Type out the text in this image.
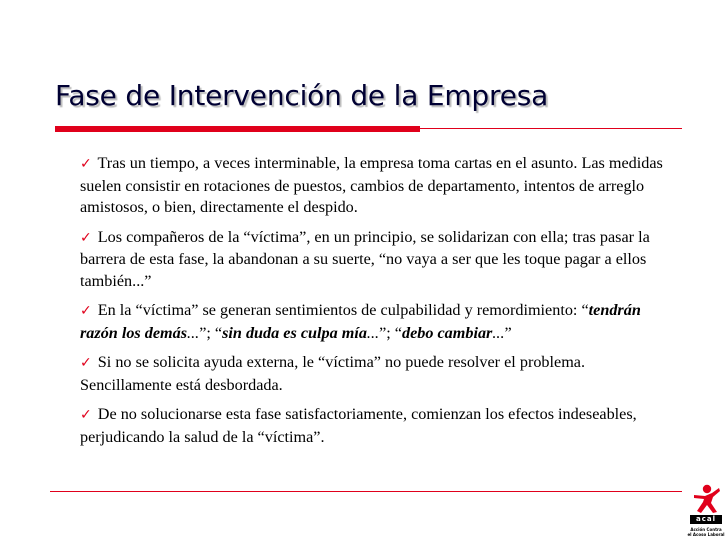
Fase de Intervención de la Empresa
✓ Tras un tiempo, a veces interminable, la empresa toma cartas en el asunto. Las medidas suelen consistir en rotaciones de puestos, cambios de departamento, intentos de arreglo amistosos, o bien, directamente el despido.
✓ Los compañeros de la “víctima”, en un principio, se solidarizan con ella; tras pasar la barrera de esta fase, la abandonan a su suerte, “no vaya a ser que les toque pagar a ellos también...”
✓ En la “víctima” se generan sentimientos de culpabilidad y remordimiento: “tendrán razón los demás...”; “sin duda es culpa mía...”; “debo cambiar...”
✓ Si no se solicita ayuda externa, le “víctima” no puede resolver el problema. Sencillamente está desbordada.
✓ De no solucionarse esta fase satisfactoriamente, comienzan los efectos indeseables, perjudicando la salud de la “víctima”.
acal
Acción Contra
el Acoso Laboral
